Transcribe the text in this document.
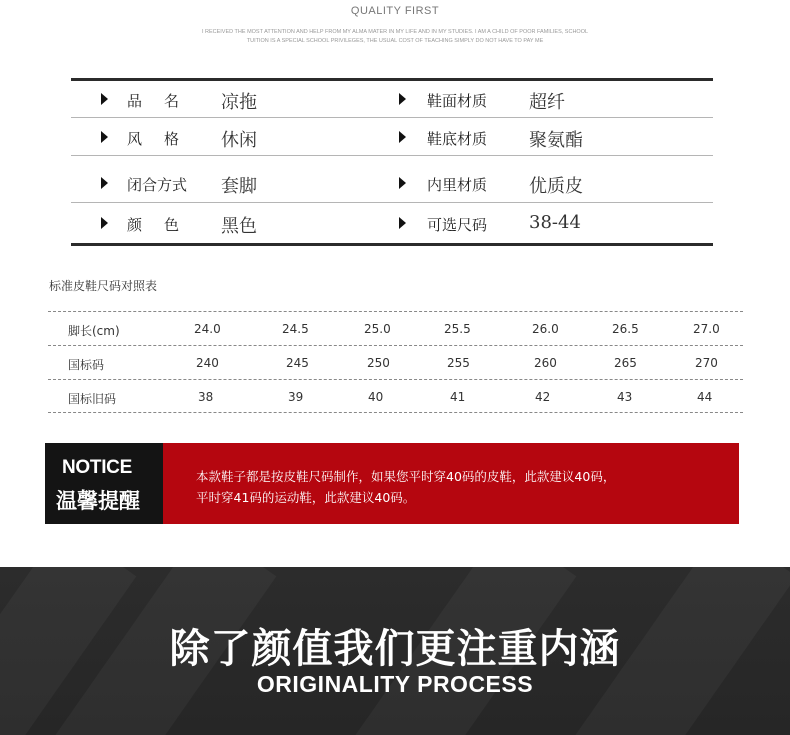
QUALITY FIRST
I RECEIVED THE MOST ATTENTION AND HELP FROM MY ALMA MATER IN MY LIFE AND IN MY STUDIES. I AM A CHILD OF POOR FAMILIES, SCHOOL TUITION IS A SPECIAL SCHOOL PRIVILEGES, THE USUAL COST OF TEACHING SIMPLY DO NOT HAVE TO PAY ME
品名 凉拖	鞋面材质 超纤
风格 休闲	鞋底材质 聚氨酯
闭合方式 套脚	内里材质 优质皮
颜色 黑色	可选尺码 38-44
标准皮鞋尺码对照表
脚长(cm)	24.0	24.5	25.0	25.5	26.0	26.5	27.0
国标码	240	245	250	255	260	265	270
国标旧码	38	39	40	41	42	43	44
NOTICE
温馨提醒
本款鞋子都是按皮鞋尺码制作，如果您平时穿40码的皮鞋，此款建议40码，
平时穿41码的运动鞋，此款建议40码。
除了颜值我们更注重内涵
ORIGINALITY PROCESS
